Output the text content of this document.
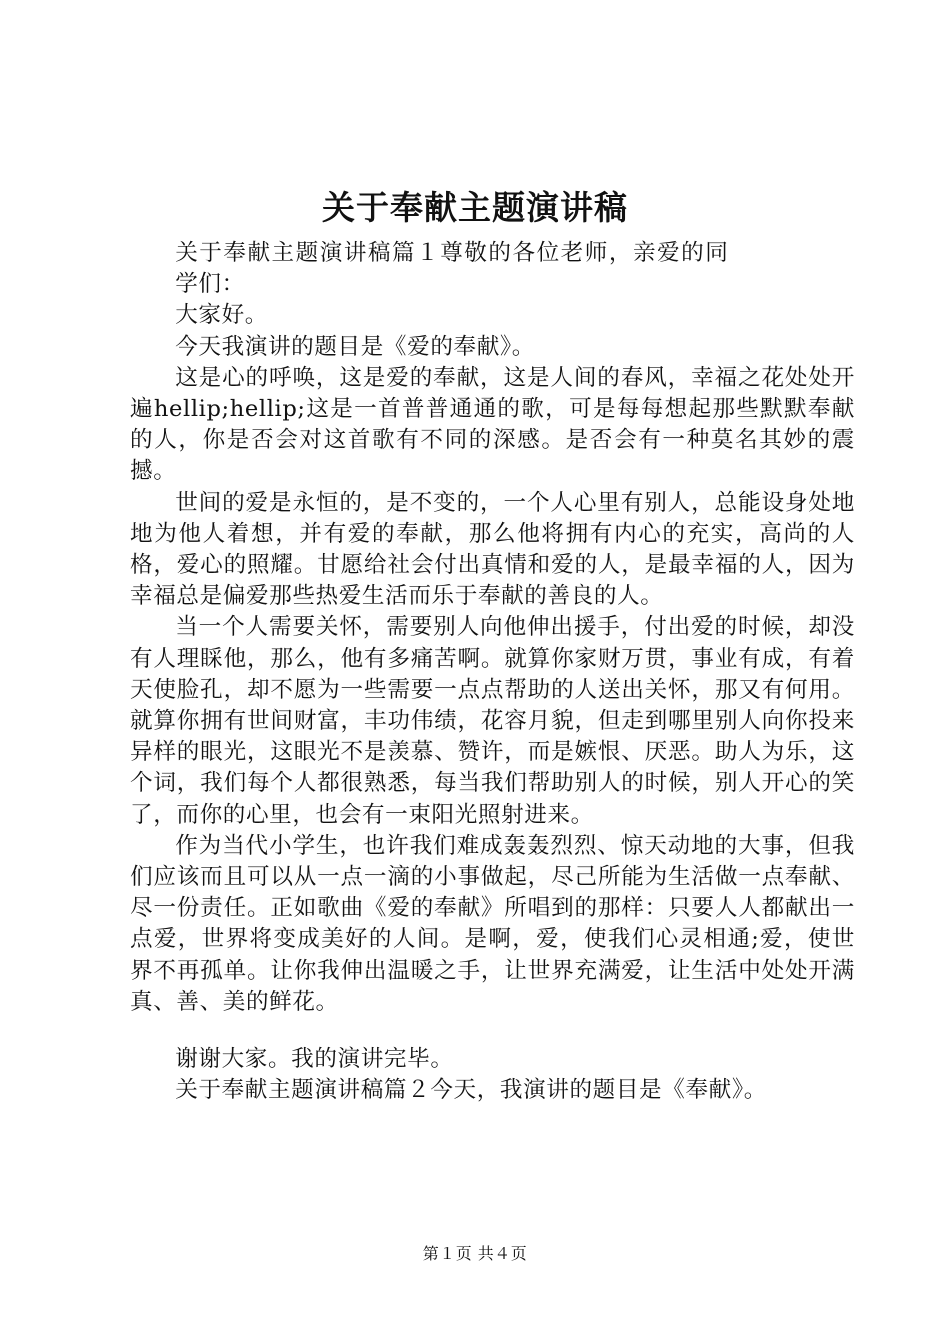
关于奉献主题演讲稿

关于奉献主题演讲稿篇１尊敬的各位老师，亲爱的同学们：

大家好。

今天我演讲的题目是《爱的奉献》。

这是心的呼唤，这是爱的奉献，这是人间的春风，幸福之花处处开遍hellip;hellip;这是一首普普通通的歌，可是每每想起那些默默奉献的人，你是否会对这首歌有不同的深感。是否会有一种莫名其妙的震撼。

世间的爱是永恒的，是不变的，一个人心里有别人，总能设身处地地为他人着想，并有爱的奉献，那么他将拥有内心的充实，高尚的人格，爱心的照耀。甘愿给社会付出真情和爱的人，是最幸福的人，因为幸福总是偏爱那些热爱生活而乐于奉献的善良的人。

当一个人需要关怀，需要别人向他伸出援手，付出爱的时候，却没有人理睬他，那么，他有多痛苦啊。就算你家财万贯，事业有成，有着天使脸孔，却不愿为一些需要一点点帮助的人送出关怀，那又有何用。就算你拥有世间财富，丰功伟绩，花容月貌，但走到哪里别人向你投来异样的眼光，这眼光不是羡慕、赞许，而是嫉恨、厌恶。助人为乐，这个词，我们每个人都很熟悉，每当我们帮助别人的时候，别人开心的笑了，而你的心里，也会有一束阳光照射进来。

作为当代小学生，也许我们难成轰轰烈烈、惊天动地的大事，但我们应该而且可以从一点一滴的小事做起，尽己所能为生活做一点奉献、尽一份责任。正如歌曲《爱的奉献》所唱到的那样：只要人人都献出一点爱，世界将变成美好的人间。是啊，爱，使我们心灵相通;爱，使世界不再孤单。让你我伸出温暖之手，让世界充满爱，让生活中处处开满真、善、美的鲜花。

谢谢大家。我的演讲完毕。

关于奉献主题演讲稿篇２今天，我演讲的题目是《奉献》。

第１页 共４页
